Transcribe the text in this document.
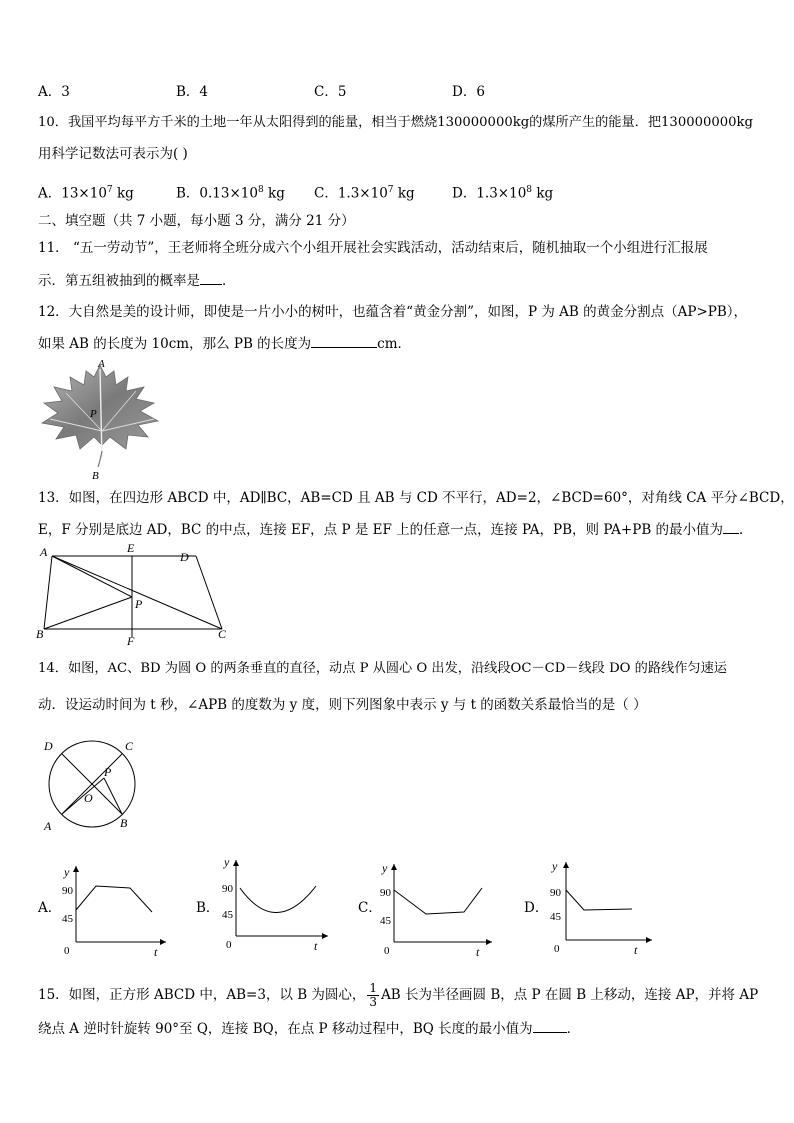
A．3	B．4	C．5	D．6
10．我国平均每平方千米的土地一年从太阳得到的能量，相当于燃烧130000000kg的煤所产生的能量．把130000000kg
用科学记数法可表示为( )
A．$13\times 10^7$ kg	B．$0.13\times 10^8$ kg C．$1.3\times 10^7$ kg	D．$1.3\times 10^8$ kg
二、填空题（共 7 小题，每小题 3 分，满分 21 分）
11． “五一劳动节”，王老师将全班分成六个小组开展社会实践活动，活动结束后，随机抽取一个小组进行汇报展
示．第五组被抽到的概率是 ．
12．大自然是美的设计师，即使是一片小小的树叶，也蕴含着“黄金分割”，如图，P 为 AB 的黄金分割点（AP>PB），
如果 AB 的长度为 10cm，那么 PB 的长度为	cm．
A
P
B
13．如图，在四边形 ABCD 中，AD∥BC，AB=CD 且 AB 与 CD 不平行，AD=2，∠BCD=60°，对角线 CA 平分∠BCD，
E，F 分别是底边 AD，BC 的中点，连接 EF，点 P 是 EF 上的任意一点，连接 PA，PB，则 PA+PB 的最小值为 ．
A	E
D
P
B	F	C
14．如图，AC、BD 为圆 O 的两条垂直的直径，动点 P 从圆心 O 出发，沿线段OC－CD－线段 DO 的路线作匀速运
动．设运动时间为 t 秒，∠APB 的度数为 y 度，则下列图象中表示 y 与 t 的函数关系最恰当的是（ ）
D	C
P
O
A	B
A．
y
90
45
0	t
B．
y
90
45
0	t
C．
y
90
45
0	t
D．
y
90
45
0	t
15．如图，正方形 ABCD 中，AB=3，以 B 为圆心， $\frac{1}{3}$ AB 长为半径画圆 B，点 P 在圆 B 上移动，连接 AP，并将 AP
绕点 A 逆时针旋转 90°至 Q，连接 BQ，在点 P 移动过程中，BQ 长度的最小值为	．
